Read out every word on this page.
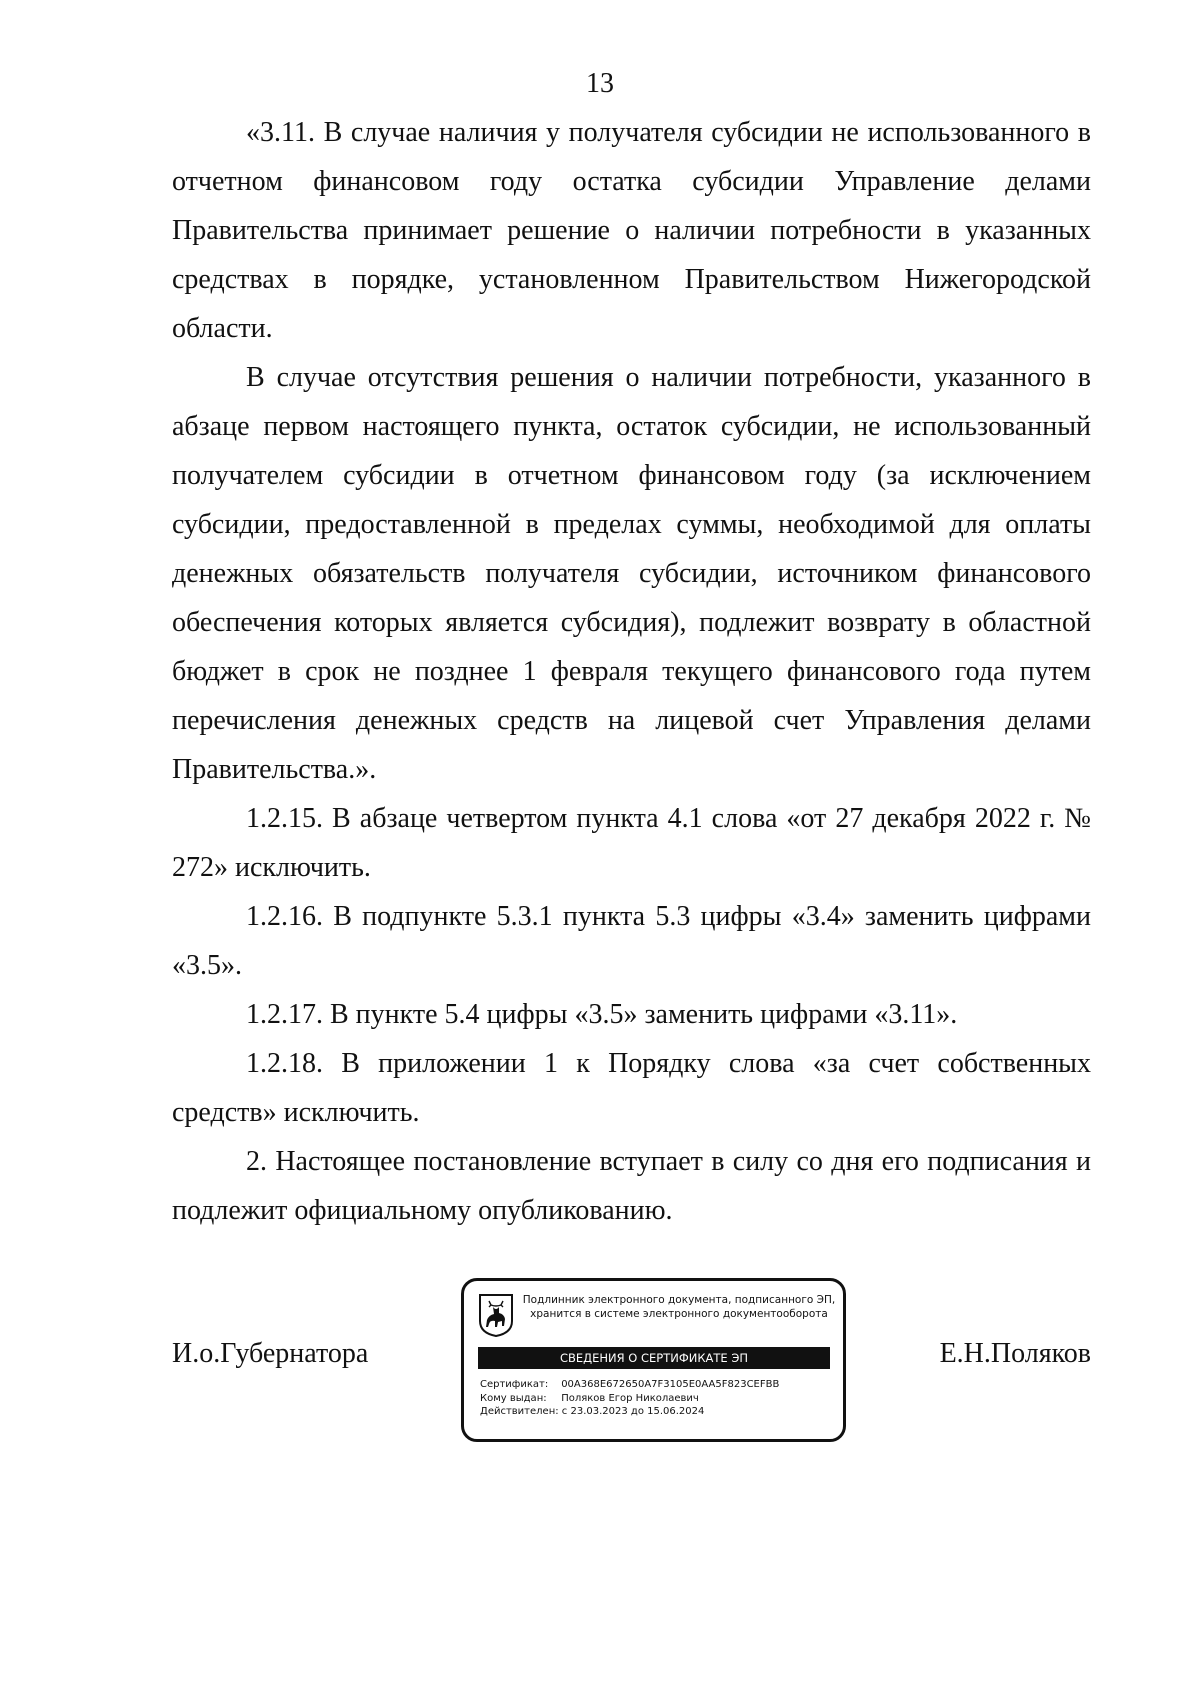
13

«3.11. В случае наличия у получателя субсидии не использованного в отчетном финансовом году остатка субсидии Управление делами Правительства принимает решение о наличии потребности в указанных средствах в порядке, установленном Правительством Нижегородской области.

В случае отсутствия решения о наличии потребности, указанного в абзаце первом настоящего пункта, остаток субсидии, не использованный получателем субсидии в отчетном финансовом году (за исключением субсидии, предоставленной в пределах суммы, необходимой для оплаты денежных обязательств получателя субсидии, источником финансового обеспечения которых является субсидия), подлежит возврату в областной бюджет в срок не позднее 1 февраля текущего финансового года путем перечисления денежных средств на лицевой счет Управления делами Правительства.».

1.2.15. В абзаце четвертом пункта 4.1 слова «от 27 декабря 2022 г. № 272» исключить.

1.2.16. В подпункте 5.3.1 пункта 5.3 цифры «3.4» заменить цифрами «3.5».

1.2.17. В пункте 5.4 цифры «3.5» заменить цифрами «3.11».

1.2.18. В приложении 1 к Порядку слова «за счет собственных средств» исключить.

2. Настоящее постановление вступает в силу со дня его подписания и подлежит официальному опубликованию.

И.о.Губернатора
Подлинник электронного документа, подписанного ЭП,
хранится в системе электронного документооборота
СВЕДЕНИЯ О СЕРТИФИКАТЕ ЭП
Сертификат: 00A368E672650A7F3105E0AA5F823CEFBB
Кому выдан: Поляков Егор Николаевич
Действителен: с 23.03.2023 до 15.06.2024
Е.Н.Поляков
